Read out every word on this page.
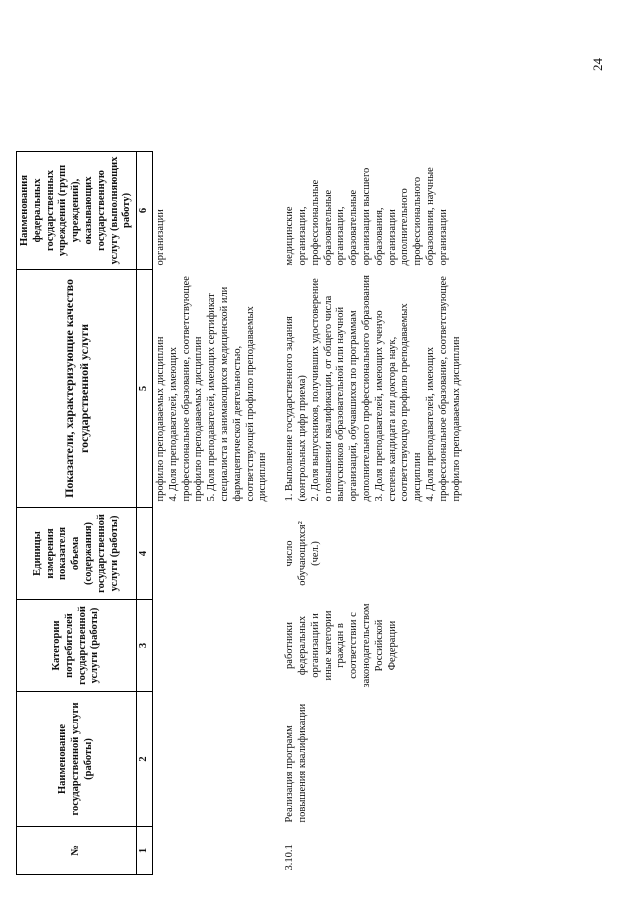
№	Наименование государственной услуги (работы)	Категории потребителей государственной услуги (работы)	Единицы измерения показателя объема (содержания) государственной услуги (работы)	Показатели, характеризующие качество государственной услуги	Наименования федеральных государственных учреждений (групп учреждений), оказывающих государственную услугу (выполняющих работу)
1	2	3	4	5	6

				профилю преподаваемых дисциплин 4. Доля преподавателей, имеющих профессиональное образование, соответствующее профилю преподаваемых дисциплин 5. Доля преподавателей, имеющих сертификат специалиста и занимающихся медицинской или фармацевтической деятельностью, соответствующей профилю преподаваемых дисциплин	организации

3.10.1	Реализация программ повышения квалификации	работники федеральных организаций и иные категории граждан в соответствии с законодательством Российской Федерации	число обучающихся² (чел.)	1. Выполнение государственного задания (контрольных цифр приема) 2. Доля выпускников, получивших удостоверение о повышении квалификации, от общего числа выпускников образовательной или научной организаций, обучавшихся по программам дополнительного профессионального образования 3. Доля преподавателей, имеющих ученую степень кандидата или доктора наук, соответствующую профилю преподаваемых дисциплин 4. Доля преподавателей, имеющих профессиональное образование, соответствующее профилю преподаваемых дисциплин	медицинские организации, профессиональные образовательные организации, образовательные организации высшего образования, организации дополнительного профессионального образования, научные организации
24
